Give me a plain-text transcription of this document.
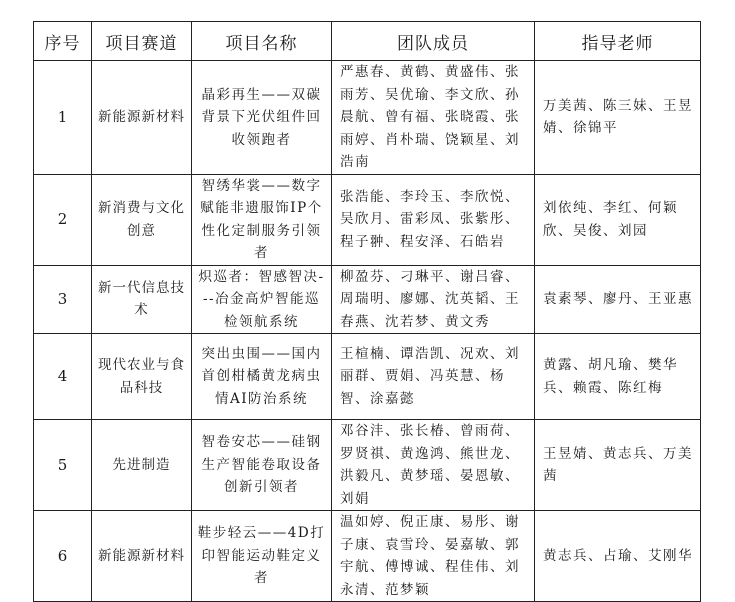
序号	项目赛道	项目名称	团队成员	指导老师
1	新能源新材料	晶彩再生——双碳背景下光伏组件回收领跑者	严惠春、黄鹤、黄盛伟、张雨芳、吴优瑜、李文欣、孙晨航、曾有福、张晓霞、张雨婷、肖朴瑞、饶颖星、刘浩南	万美茜、陈三妹、王昱婧、徐锦平
2	新消费与文化创意	智绣华裳——数字赋能非遗服饰IP个性化定制服务引领者	张浩能、李玲玉、李欣悦、吴欣月、雷彩凤、张紫彤、程子翀、程安泽、石皓岩	刘依纯、李红、何颖欣、吴俊、刘园
3	新一代信息技术	炽巡者：智感智决---冶金高炉智能巡检领航系统	柳盈芬、刁琳平、谢吕睿、周瑞明、廖娜、沈英韬、王春燕、沈若梦、黄文秀	袁素琴、廖丹、王亚惠
4	现代农业与食品科技	突出虫围——国内首创柑橘黄龙病虫情AI防治系统	王楦楠、谭浩凯、况欢、刘丽群、贾娟、冯英慧、杨智、涂嘉懿	黄露、胡凡瑜、樊华兵、赖霞、陈红梅
5	先进制造	智卷安芯——硅钢生产智能卷取设备创新引领者	邓谷沣、张长椿、曾雨荷、罗贤祺、黄逸鸿、熊世龙、洪毅凡、黄梦瑶、晏恩敏、刘娟	王昱婧、黄志兵、万美茜
6	新能源新材料	鞋步轻云——4D打印智能运动鞋定义者	温如婷、倪正康、易彤、谢子康、袁雪玲、晏嘉敏、郭宇航、傅博诚、程佳伟、刘永清、范梦颖	黄志兵、占瑜、艾刚华
